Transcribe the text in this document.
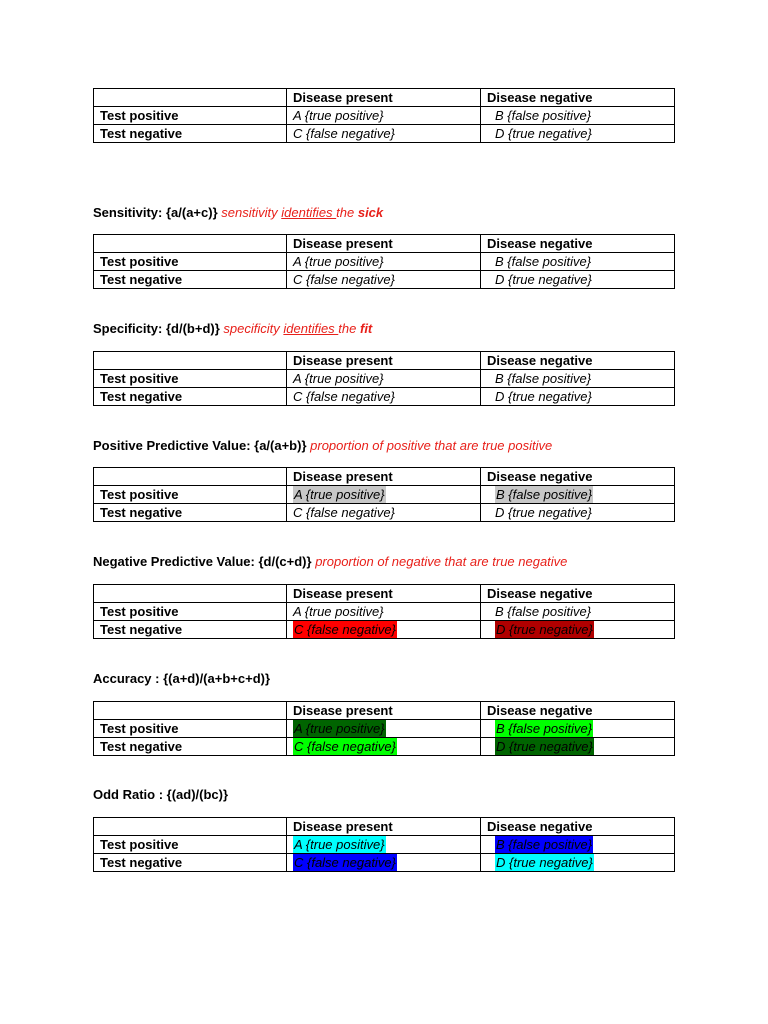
	Disease present	Disease negative
Test positive	A {true positive}	B {false positive}
Test negative	C {false negative}	D {true negative}
Sensitivity: {a/(a+c)} sensitivity identifies the sick
	Disease present	Disease negative
Test positive	A {true positive}	B {false positive}
Test negative	C {false negative}	D {true negative}
Specificity: {d/(b+d)} specificity identifies the fit
	Disease present	Disease negative
Test positive	A {true positive}	B {false positive}
Test negative	C {false negative}	D {true negative}
Positive Predictive Value: {a/(a+b)} proportion of positive that are true positive
	Disease present	Disease negative
Test positive	A {true positive}	B {false positive}
Test negative	C {false negative}	D {true negative}
Negative Predictive Value: {d/(c+d)} proportion of negative that are true negative
	Disease present	Disease negative
Test positive	A {true positive}	B {false positive}
Test negative	C {false negative}	D {true negative}
Accuracy : {(a+d)/(a+b+c+d)}
	Disease present	Disease negative
Test positive	A {true positive}	B {false positive}
Test negative	C {false negative}	D {true negative}
Odd Ratio : {(ad)/(bc)}
	Disease present	Disease negative
Test positive	A {true positive}	B {false positive}
Test negative	C {false negative}	D {true negative}
